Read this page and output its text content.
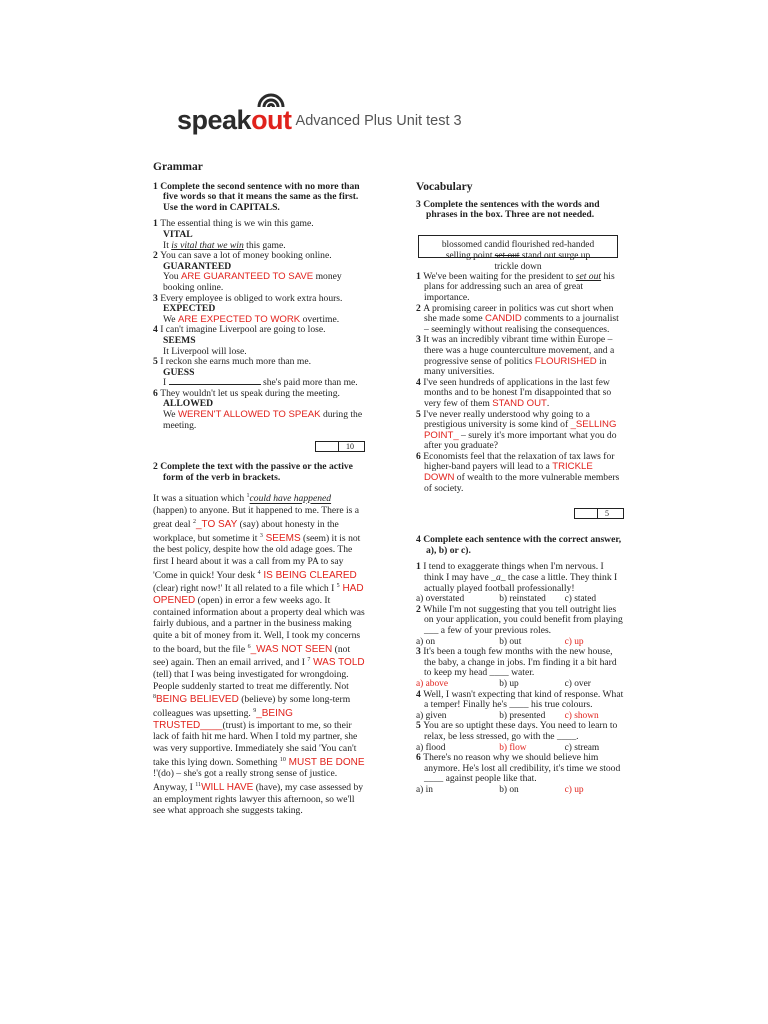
speak out Advanced Plus Unit test 3
Grammar
1 Complete the second sentence with no more than five words so that it means the same as the first. Use the word in CAPITALS.
1 The essential thing is we win this game.
VITAL
It is vital that we win this game.
2 You can save a lot of money booking online.
GUARANTEED
You ARE GUARANTEED TO SAVE money booking online.
3 Every employee is obliged to work extra hours.
EXPECTED
We ARE EXPECTED TO WORK overtime.
4 I can't imagine Liverpool are going to lose.
SEEMS
It Liverpool will lose.
5 I reckon she earns much more than me.
GUESS
I	she's paid more than me.
6 They wouldn't let us speak during the meeting.
ALLOWED
We WEREN'T ALLOWED TO SPEAK during the meeting.
10
2 Complete the text with the passive or the active form of the verb in brackets.
It was a situation which $^1$could have happened (happen) to anyone. But it happened to me. There is a great deal $^2$_TO SAY (say) about honesty in the workplace, but sometime it $^3$ SEEMS (seem) it is not the best policy, despite how the old adage goes. The first I heard about it was a call from my PA to say 'Come in quick! Your desk $^4$ IS BEING CLEARED (clear) right now!' It all related to a file which I $^5$ HAD OPENED (open) in error a few weeks ago. It contained information about a property deal which was fairly dubious, and a partner in the business making quite a bit of money from it. Well, I took my concerns to the board, but the file $^6$_WAS NOT SEEN (not see) again. Then an email arrived, and I $^7$ WAS TOLD (tell) that I was being investigated for wrongdoing. People suddenly started to treat me differently. Not $^8$BEING BELIEVED (believe) by some long-term colleagues was upsetting. $^9$_BEING TRUSTED____(trust) is important to me, so their lack of faith hit me hard. When I told my partner, she was very supportive. Immediately she said 'You can't take this lying down. Something $^{10}$ MUST BE DONE !'(do) – she's got a really strong sense of justice. Anyway, I $^{11}$WILL HAVE (have), my case assessed by an employment rights lawyer this afternoon, so we'll see what approach she suggests taking.
Vocabulary
3 Complete the sentences with the words and phrases in the box. Three are not needed.
blossomed candid flourished red-handed
selling point set out stand out surge up
trickle down
1 We've been waiting for the president to set out his plans for addressing such an area of great importance.
2 A promising career in politics was cut short when she made some CANDID comments to a journalist – seemingly without realising the consequences.
3 It was an incredibly vibrant time within Europe – there was a huge counterculture movement, and a progressive sense of politics FLOURISHED in many universities.
4 I've seen hundreds of applications in the last few months and to be honest I'm disappointed that so very few of them STAND OUT.
5 I've never really understood why going to a prestigious university is some kind of _SELLING POINT_ – surely it's more important what you do after you graduate?
6 Economists feel that the relaxation of tax laws for higher-band payers will lead to a TRICKLE DOWN of wealth to the more vulnerable members of society.
5
4 Complete each sentence with the correct answer, a), b) or c).
1 I tend to exaggerate things when I'm nervous. I think I may have _a_ the case a little. They think I actually played football professionally!
a) overstated	b) reinstated	c) stated
2 While I'm not suggesting that you tell outright lies on your application, you could benefit from playing ___ a few of your previous roles.
a) on	b) out	c) up
3 It's been a tough few months with the new house, the baby, a change in jobs. I'm finding it a bit hard to keep my head ____ water.
a) above	b) up	c) over
4 Well, I wasn't expecting that kind of response. What a temper! Finally he's ____ his true colours.
a) given	b) presented	c) shown
5 You are so uptight these days. You need to learn to relax, be less stressed, go with the ____.
a) flood	b) flow	c) stream
6 There's no reason why we should believe him anymore. He's lost all credibility, it's time we stood ____ against people like that.
a) in	b) on	c) up
